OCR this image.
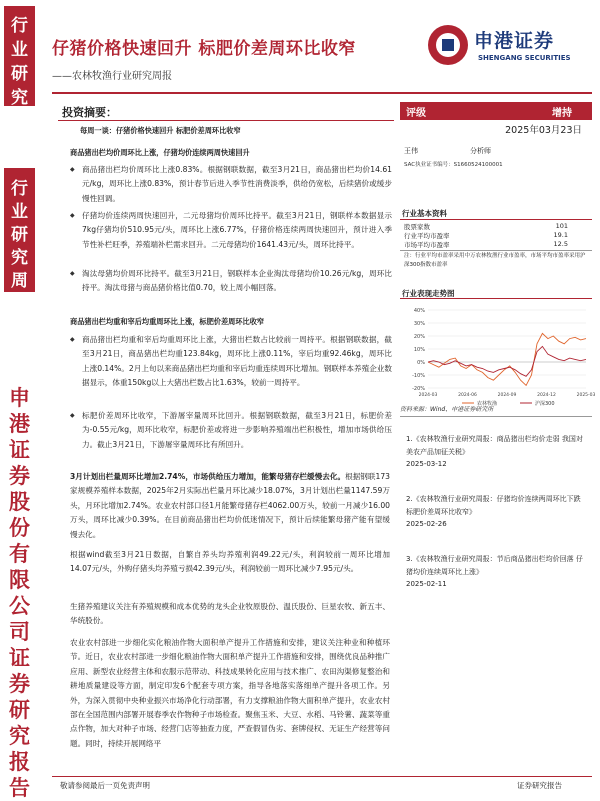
行
业
研
究
行
业
研
究
周
报
申
港
证
券
股
份
有
限
公
司
证
券
研
究
报
告
仔猪价格快速回升 标肥价差周环比收窄
——农林牧渔行业研究周报
申港证券
SHENGANG SECURITIES
投资摘要：
每周一谈：仔猪价格快速回升 标肥价差周环比收窄
商品猪出栏均价周环比上涨，仔猪均价连续两周快速回升
◆ 商品猪出栏均价周环比上涨0.83%。根据钢联数据，截至3月21日，商品猪出栏均价14.61元/kg，周环比上涨0.83%，预计春节后进入季节性消费淡季，供给仍宽松，后续猪价或缓步慢性回调。
◆ 仔猪均价连续两周快速回升，二元母猪均价周环比持平。截至3月21日，钢联样本数据显示7kg仔猪均价510.95元/头，周环比上涨6.77%，仔猪价格连续两周快速回升，预计进入季节性补栏旺季，养殖端补栏需求回升。二元母猪均价1641.43元/头，周环比持平。
◆ 淘汰母猪均价周环比持平。截至3月21日，钢联样本企业淘汰母猪均价10.26元/kg，周环比持平。淘汰母猪与商品猪价格比值0.70，较上周小幅回落。
商品猪出栏均重和宰后均重周环比上涨，标肥价差周环比收窄
◆ 商品猪出栏均重和宰后均重周环比上涨，大猪出栏数占比较前一周持平。根据钢联数据，截至3月21日，商品猪出栏均重123.84kg，周环比上涨0.11%，宰后均重92.46kg，周环比上涨0.14%。2月上旬以来商品猪出栏均重和宰后均重连续周环比增加。钢联样本养殖企业数据显示，体重150kg以上大猪出栏数占比1.63%，较前一周持平。
◆ 标肥价差周环比收窄，下游屠宰量周环比回升。根据钢联数据，截至3月21日，标肥价差为-0.55元/kg，周环比收窄，标肥价差或将进一步影响养殖端出栏积极性，增加市场供给压力。截止3月21日，下游屠宰量周环比有所回升。
3月计划出栏量周环比增加2.74%，市场供给压力增加，能繁母猪存栏缓慢去化。根据钢联173家规模养殖样本数据，2025年2月实际出栏量月环比减少18.07%，3月计划出栏量1147.59万头，月环比增加2.74%。农业农村部口径1月能繁母猪存栏4062.00万头，较前一月减少16.00万头，周环比减少0.39%。在目前商品猪出栏均价低迷情况下，预计后续能繁母猪产能有望缓慢去化。
根据wind截至3月21日数据，自繁自养头均养殖利润49.22元/头，利润较前一周环比增加14.07元/头，外购仔猪头均养殖亏损42.39元/头，利润较前一周环比减少7.95元/头。
生猪养殖建议关注有养殖规模和成本优势的龙头企业牧原股份、温氏股份、巨星农牧、新五丰、华统股份。
农业农村部进一步细化实化粮油作物大面积单产提升工作措施和安排，建议关注种业和种植环节。近日，农业农村部进一步细化粮油作物大面积单产提升工作措施和安排，围绕优良品种推广应用、新型农业经营主体和农服示范带动、科技成果转化应用与技术推广、农田沟渠修复整治和耕地质量建设等方面，制定印发6个配套专项方案，指导各地落实落细单产提升各项工作。另外，为深入贯彻中央种业振兴市场净化行动部署，有力支撑粮油作物大面积单产提升，农业农村部在全国范围内部署开展春季农作物种子市场检查。聚焦玉米、大豆、水稻、马铃薯、蔬菜等重点作物，加大对种子市场、经营门店等抽查力度，严查假冒伪劣、套牌侵权、无证生产经营等问题。同时，持续开展网络平
评级	增持
2025年03月23日
王伟	分析师
SAC执业证书编号：S1660524100001
行业基本资料
股票家数	101
行业平均市盈率	19.1
市场平均市盈率	12.5
注：行业平均市盈率采用中万农林牧渔行业市盈率，市场平均市盈率采用沪深300指数市盈率
行业表现走势图
40%
30%
20%
10%
0%
-10%
-20%
2024-03	2024-06	2024-09	2024-12	2025-03
农林牧渔	沪深300
资料来源：Wind、申港证券研究所
1.《农林牧渔行业研究周报：商品猪出栏均价走弱 我国对美农产品加征关税》
2025-03-12
2.《农林牧渔行业研究周报：仔猪均价连续两周环比下跌 标肥价差周环比收窄》
2025-02-26
3.《农林牧渔行业研究周报：节后商品猪出栏均价回落 仔猪均价连续周环比上涨》
2025-02-11
敬请参阅最后一页免责声明	证券研究报告
